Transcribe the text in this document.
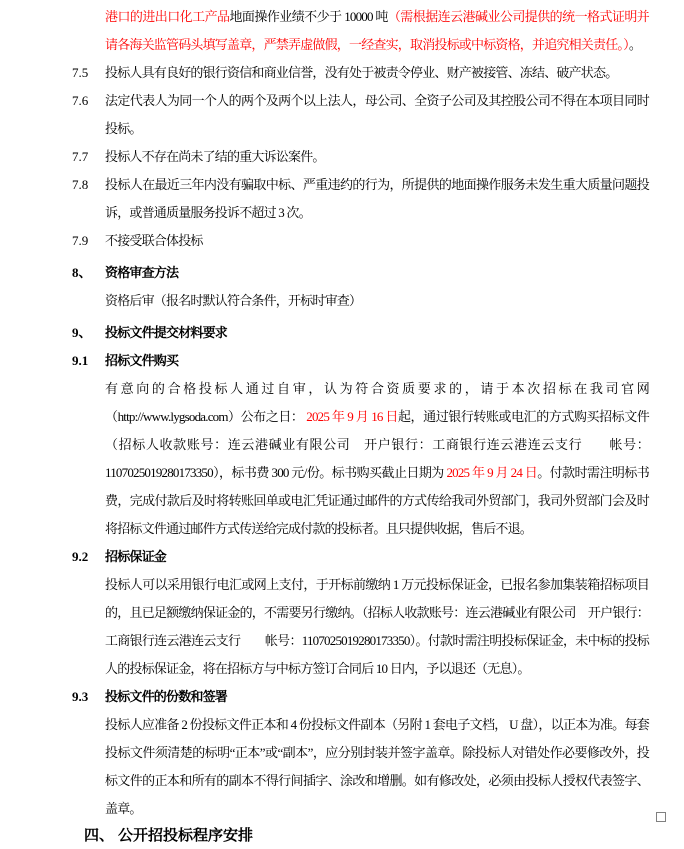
港口的进出口化工产品地面操作业绩不少于 10000 吨（需根据连云港碱业公司提供的统一格式证明并请各海关监管码头填写盖章，严禁弄虚做假，一经查实，取消投标或中标资格，并追究相关责任。）。
7.5	投标人具有良好的银行资信和商业信誉，没有处于被责令停业、财产被接管、冻结、破产状态。
7.6	法定代表人为同一个人的两个及两个以上法人，母公司、全资子公司及其控股公司不得在本项目同时投标。
7.7	投标人不存在尚未了结的重大诉讼案件。
7.8	投标人在最近三年内没有骗取中标、严重违约的行为，所提供的地面操作服务未发生重大质量问题投诉，或普通质量服务投诉不超过 3 次。
7.9	不接受联合体投标
8、	资格审查方法
资格后审（报名时默认符合条件，开标时审查）
9、	投标文件提交材料要求
9.1	招标文件购买
有意向的合格投标人通过自审，认为符合资质要求的，请于本次招标在我司官网（http://www.lygsoda.com）公布之日： 2025 年 9 月 16 日起，通过银行转账或电汇的方式购买招标文件（招标人收款账号：连云港碱业有限公司　开户银行：工商银行连云港连云支行　　帐号：1107025019280173350），标书费 300 元/份。标书购买截止日期为 2025 年 9 月 24 日。付款时需注明标书费，完成付款后及时将转账回单或电汇凭证通过邮件的方式传给我司外贸部门，我司外贸部门会及时将招标文件通过邮件方式传送给完成付款的投标者。且只提供收据，售后不退。
9.2	招标保证金
投标人可以采用银行电汇或网上支付，于开标前缴纳 1 万元投标保证金，已报名参加集装箱招标项目的，且已足额缴纳保证金的，不需要另行缴纳。（招标人收款账号：连云港碱业有限公司　开户银行：工商银行连云港连云支行　　帐号：1107025019280173350）。付款时需注明投标保证金，未中标的投标人的投标保证金，将在招标方与中标方签订合同后 10 日内，予以退还（无息）。
9.3	投标文件的份数和签署
投标人应准备 2 份投标文件正本和 4 份投标文件副本（另附 1 套电子文档， U 盘），以正本为准。每套投标文件须清楚的标明“正本”或“副本”，应分别封装并签字盖章。除投标人对错处作必要修改外，投标文件的正本和所有的副本不得行间插字、涂改和增删。如有修改处，必须由投标人授权代表签字、盖章。
四、 公开招投标程序安排
